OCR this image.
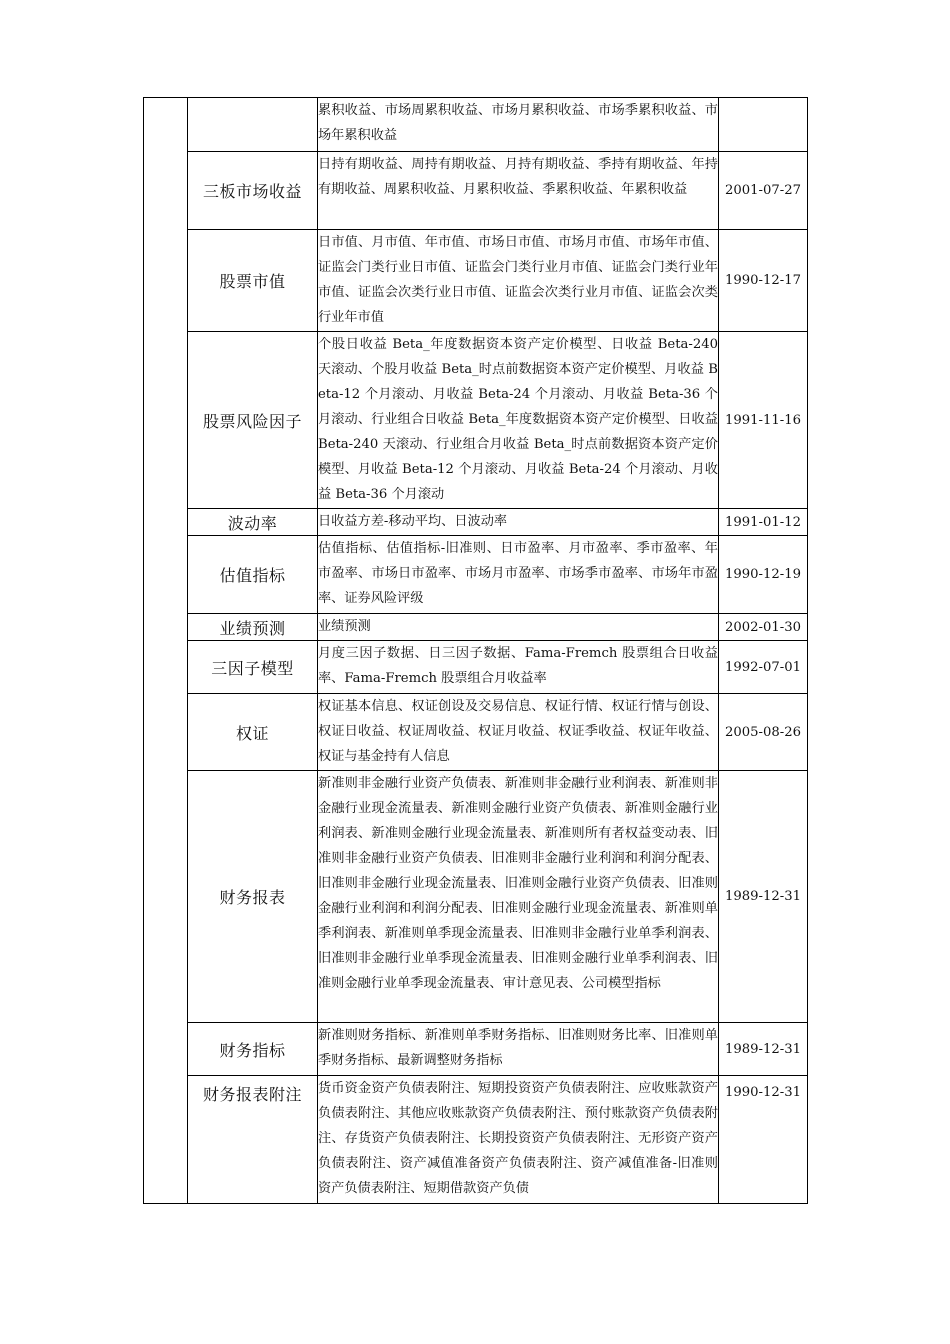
		累积收益、市场周累积收益、市场月累积收益、市场季累积收益、市场年累积收益	
	三板市场收益	日持有期收益、周持有期收益、月持有期收益、季持有期收益、年持有期收益、周累积收益、月累积收益、季累积收益、年累积收益	2001-07-27
	股票市值	日市值、月市值、年市值、市场日市值、市场月市值、市场年市值、证监会门类行业日市值、证监会门类行业月市值、证监会门类行业年市值、证监会次类行业日市值、证监会次类行业月市值、证监会次类行业年市值	1990-12-17
	股票风险因子	个股日收益 Beta_年度数据资本资产定价模型、日收益 Beta-240 天滚动、个股月收益 Beta_时点前数据资本资产定价模型、月收益 Beta-12 个月滚动、月收益 Beta-24 个月滚动、月收益 Beta-36 个月滚动、行业组合日收益 Beta_年度数据资本资产定价模型、日收益 Beta-240 天滚动、行业组合月收益 Beta_时点前数据资本资产定价模型、月收益 Beta-12 个月滚动、月收益 Beta-24 个月滚动、月收益 Beta-36 个月滚动	1991-11-16
	波动率	日收益方差-移动平均、日波动率	1991-01-12
	估值指标	估值指标、估值指标-旧准则、日市盈率、月市盈率、季市盈率、年市盈率、市场日市盈率、市场月市盈率、市场季市盈率、市场年市盈率、证券风险评级	1990-12-19
	业绩预测	业绩预测	2002-01-30
	三因子模型	月度三因子数据、日三因子数据、Fama-Fremch 股票组合日收益率、Fama-Fremch 股票组合月收益率	1992-07-01
	权证	权证基本信息、权证创设及交易信息、权证行情、权证行情与创设、权证日收益、权证周收益、权证月收益、权证季收益、权证年收益、权证与基金持有人信息	2005-08-26
	财务报表	新准则非金融行业资产负债表、新准则非金融行业利润表、新准则非金融行业现金流量表、新准则金融行业资产负债表、新准则金融行业利润表、新准则金融行业现金流量表、新准则所有者权益变动表、旧准则非金融行业资产负债表、旧准则非金融行业利润和利润分配表、旧准则非金融行业现金流量表、旧准则金融行业资产负债表、旧准则金融行业利润和利润分配表、旧准则金融行业现金流量表、新准则单季利润表、新准则单季现金流量表、旧准则非金融行业单季利润表、旧准则非金融行业单季现金流量表、旧准则金融行业单季利润表、旧准则金融行业单季现金流量表、审计意见表、公司模型指标	1989-12-31
	财务指标	新准则财务指标、新准则单季财务指标、旧准则财务比率、旧准则单季财务指标、最新调整财务指标	1989-12-31
	财务报表附注	货币资金资产负债表附注、短期投资资产负债表附注、应收账款资产负债表附注、其他应收账款资产负债表附注、预付账款资产负债表附注、存货资产负债表附注、长期投资资产负债表附注、无形资产资产负债表附注、资产减值准备资产负债表附注、资产减值准备-旧准则资产负债表附注、短期借款资产负债	1990-12-31
